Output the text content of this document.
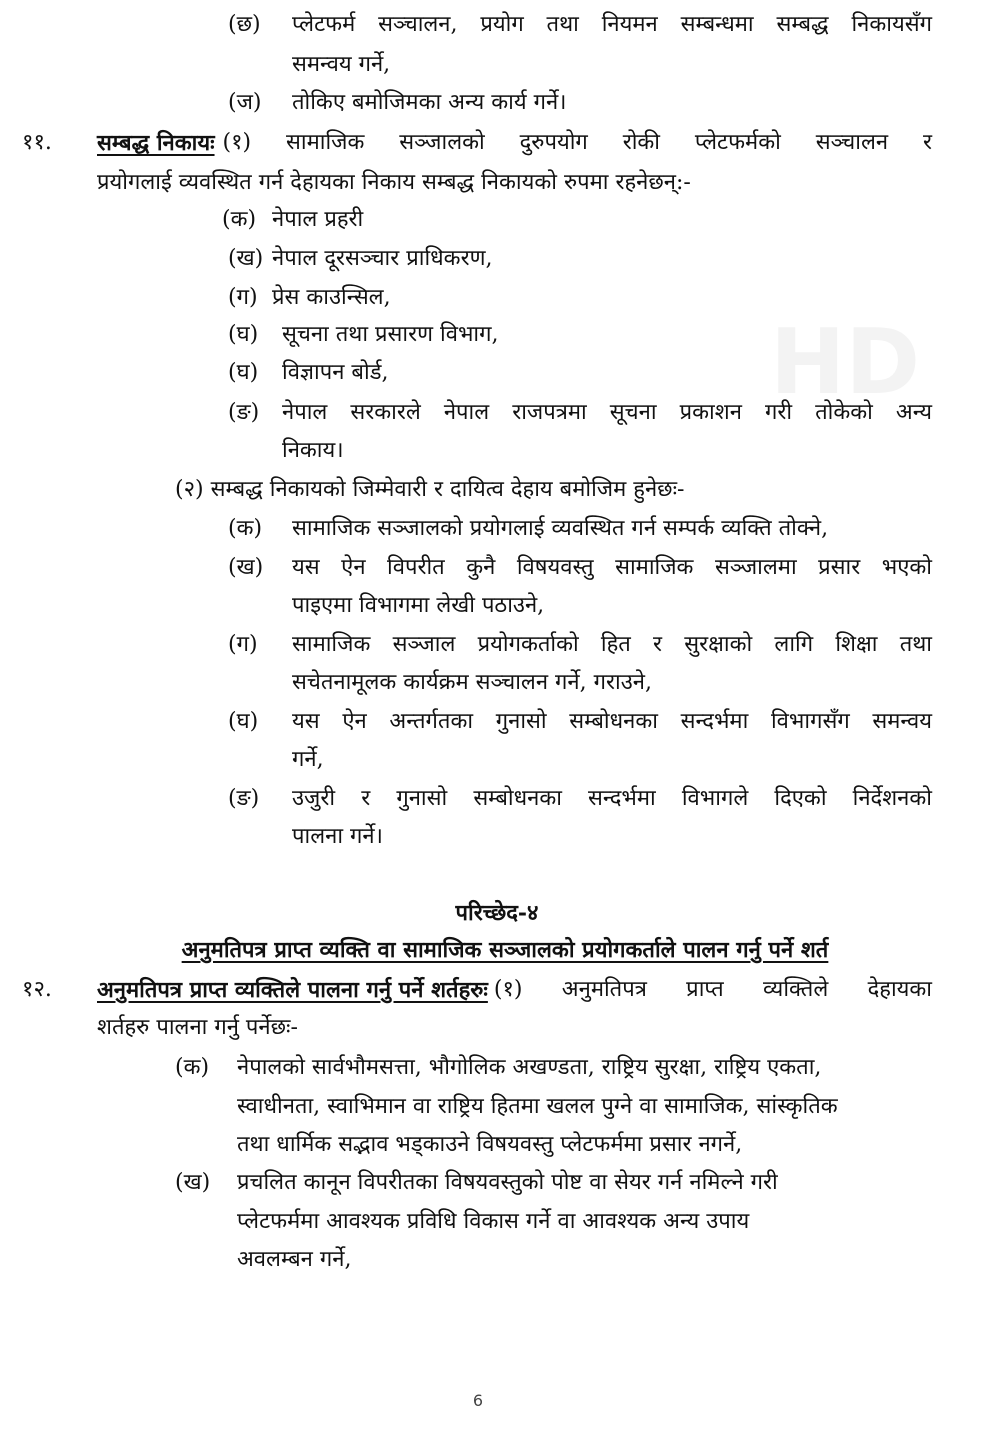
HD
(छ) प्लेटफर्म सञ्चालन, प्रयोग तथा नियमन सम्बन्धमा सम्बद्ध निकायसँग
समन्वय गर्ने,
(ज) तोकिए बमोजिमका अन्य कार्य गर्ने।
११. सम्बद्ध निकायः (१) सामाजिक सञ्जालको दुरुपयोग रोकी प्लेटफर्मको सञ्चालन र
प्रयोगलाई व्यवस्थित गर्न देहायका निकाय सम्बद्ध निकायको रुपमा रहनेछन्:-
(क) नेपाल प्रहरी
(ख) नेपाल दूरसञ्चार प्राधिकरण,
(ग) प्रेस काउन्सिल,
(घ) सूचना तथा प्रसारण विभाग,
(घ) विज्ञापन बोर्ड,
(ङ) नेपाल सरकारले नेपाल राजपत्रमा सूचना प्रकाशन गरी तोकेको अन्य
निकाय।
(२) सम्बद्ध निकायको जिम्मेवारी र दायित्व देहाय बमोजिम हुनेछः-
(क) सामाजिक सञ्जालको प्रयोगलाई व्यवस्थित गर्न सम्पर्क व्यक्ति तोक्ने,
(ख) यस ऐन विपरीत कुनै विषयवस्तु सामाजिक सञ्जालमा प्रसार भएको
पाइएमा विभागमा लेखी पठाउने,
(ग) सामाजिक सञ्जाल प्रयोगकर्ताको हित र सुरक्षाको लागि शिक्षा तथा
सचेतनामूलक कार्यक्रम सञ्चालन गर्ने, गराउने,
(घ) यस ऐन अन्तर्गतका गुनासो सम्बोधनका सन्दर्भमा विभागसँग समन्वय
गर्ने,
(ङ) उजुरी र गुनासो सम्बोधनका सन्दर्भमा विभागले दिएको निर्देशनको
पालना गर्ने।
परिच्छेद-४
अनुमतिपत्र प्राप्त व्यक्ति वा सामाजिक सञ्जालको प्रयोगकर्ताले पालन गर्नु पर्ने शर्त
१२. अनुमतिपत्र प्राप्त व्यक्तिले पालना गर्नु पर्ने शर्तहरुः (१) अनुमतिपत्र प्राप्त व्यक्तिले देहायका
शर्तहरु पालना गर्नु पर्नेछः-
(क) नेपालको सार्वभौमसत्ता, भौगोलिक अखण्डता, राष्ट्रिय सुरक्षा, राष्ट्रिय एकता,
स्वाधीनता, स्वाभिमान वा राष्ट्रिय हितमा खलल पुग्ने वा सामाजिक, सांस्कृतिक
तथा धार्मिक सद्भाव भड्काउने विषयवस्तु प्लेटफर्ममा प्रसार नगर्ने,
(ख) प्रचलित कानून विपरीतका विषयवस्तुको पोष्ट वा सेयर गर्न नमिल्ने गरी
प्लेटफर्ममा आवश्यक प्रविधि विकास गर्ने वा आवश्यक अन्य उपाय
अवलम्बन गर्ने,
6
